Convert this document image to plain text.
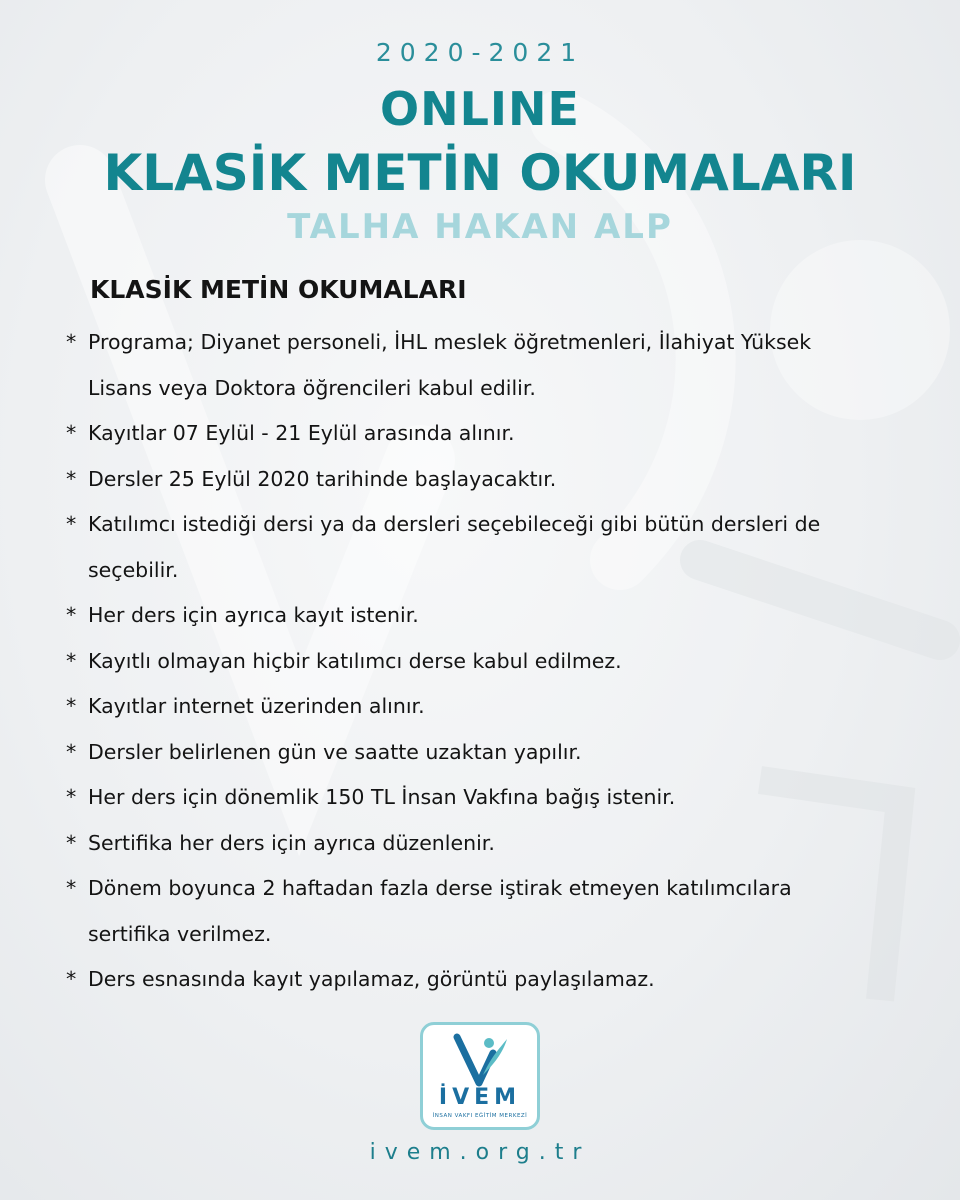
2020-2021
ONLINE
KLASİK METİN OKUMALARI
TALHA HAKAN ALP
KLASİK METİN OKUMALARI
* Programa; Diyanet personeli, İHL meslek öğretmenleri, İlahiyat Yüksek
Lisans veya Doktora öğrencileri kabul edilir.
* Kayıtlar 07 Eylül - 21 Eylül arasında alınır.
* Dersler 25 Eylül 2020 tarihinde başlayacaktır.
* Katılımcı istediği dersi ya da dersleri seçebileceği gibi bütün dersleri de
seçebilir.
* Her ders için ayrıca kayıt istenir.
* Kayıtlı olmayan hiçbir katılımcı derse kabul edilmez.
* Kayıtlar internet üzerinden alınır.
* Dersler belirlenen gün ve saatte uzaktan yapılır.
* Her ders için dönemlik 150 TL İnsan Vakfına bağış istenir.
* Sertifika her ders için ayrıca düzenlenir.
* Dönem boyunca 2 haftadan fazla derse iştirak etmeyen katılımcılara
sertifika verilmez.
* Ders esnasında kayıt yapılamaz, görüntü paylaşılamaz.
İVEM
İNSAN VAKFI EĞİTİM MERKEZİ
ivem.org.tr
